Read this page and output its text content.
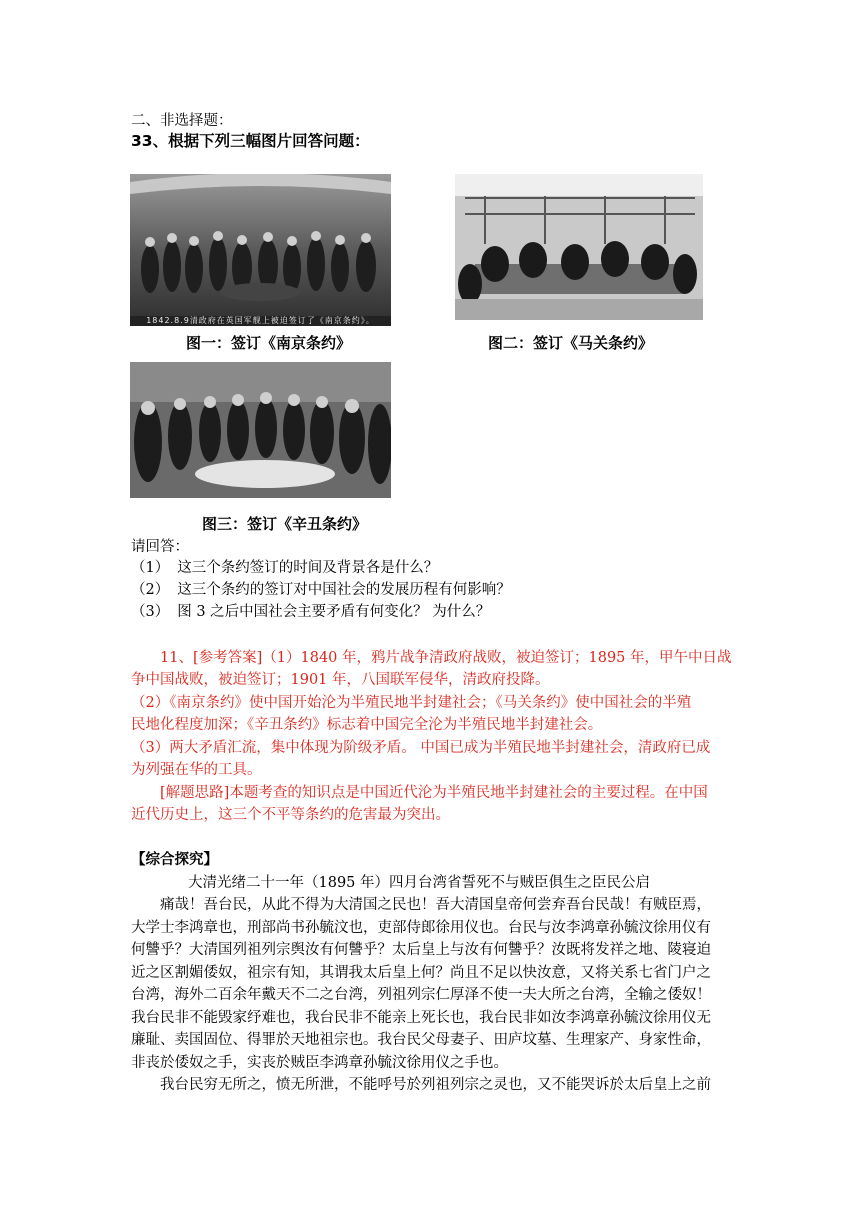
二、非选择题：
33、根据下列三幅图片回答问题：
1842.8.9清政府在英国军舰上被迫签订了《南京条约》。
图一：签订《南京条约》	图二：签订《马关条约》
图三：签订《辛丑条约》
请回答：
（1） 这三个条约签订的时间及背景各是什么？
（2） 这三个条约的签订对中国社会的发展历程有何影响？
（3） 图 3 之后中国社会主要矛盾有何变化？ 为什么？
11、[参考答案]（1）1840 年，鸦片战争清政府战败，被迫签订；1895 年，甲午中日战
争中国战败，被迫签订；1901 年，八国联军侵华，清政府投降。
（2）《南京条约》使中国开始沦为半殖民地半封建社会；《马关条约》使中国社会的半殖
民地化程度加深；《辛丑条约》标志着中国完全沦为半殖民地半封建社会。
（3）两大矛盾汇流，集中体现为阶级矛盾。 中国已成为半殖民地半封建社会，清政府已成
为列强在华的工具。
[解题思路]本题考查的知识点是中国近代沦为半殖民地半封建社会的主要过程。在中国
近代历史上，这三个不平等条约的危害最为突出。
【综合探究】
大清光绪二十一年（1895 年）四月台湾省誓死不与贼臣俱生之臣民公启
痛哉！吾台民，从此不得为大清国之民也！吾大清国皇帝何尝弃吾台民哉！有贼臣焉，
大学士李鸿章也，刑部尚书孙毓汶也，吏部侍郎徐用仪也。台民与汝李鸿章孙毓汶徐用仪有
何讐乎？大清国列祖列宗舆汝有何讐乎？太后皇上与汝有何讐乎？汝既将发祥之地、陵寝迫
近之区割媚倭奴，祖宗有知，其谓我太后皇上何？尚且不足以快汝意，又将关系七省门户之
台湾，海外二百余年戴天不二之台湾，列祖列宗仁厚泽不使一夫大所之台湾，全输之倭奴！
我台民非不能毁家纾难也，我台民非不能亲上死长也，我台民非如汝李鸿章孙毓汶徐用仪无
廉耻、卖国固位、得罪於天地祖宗也。我台民父母妻子、田庐坟墓、生理家产、身家性命，
非丧於倭奴之手，实丧於贼臣李鸿章孙毓汶徐用仪之手也。
我台民穷无所之，愤无所泄，不能呼号於列祖列宗之灵也，又不能哭诉於太后皇上之前
